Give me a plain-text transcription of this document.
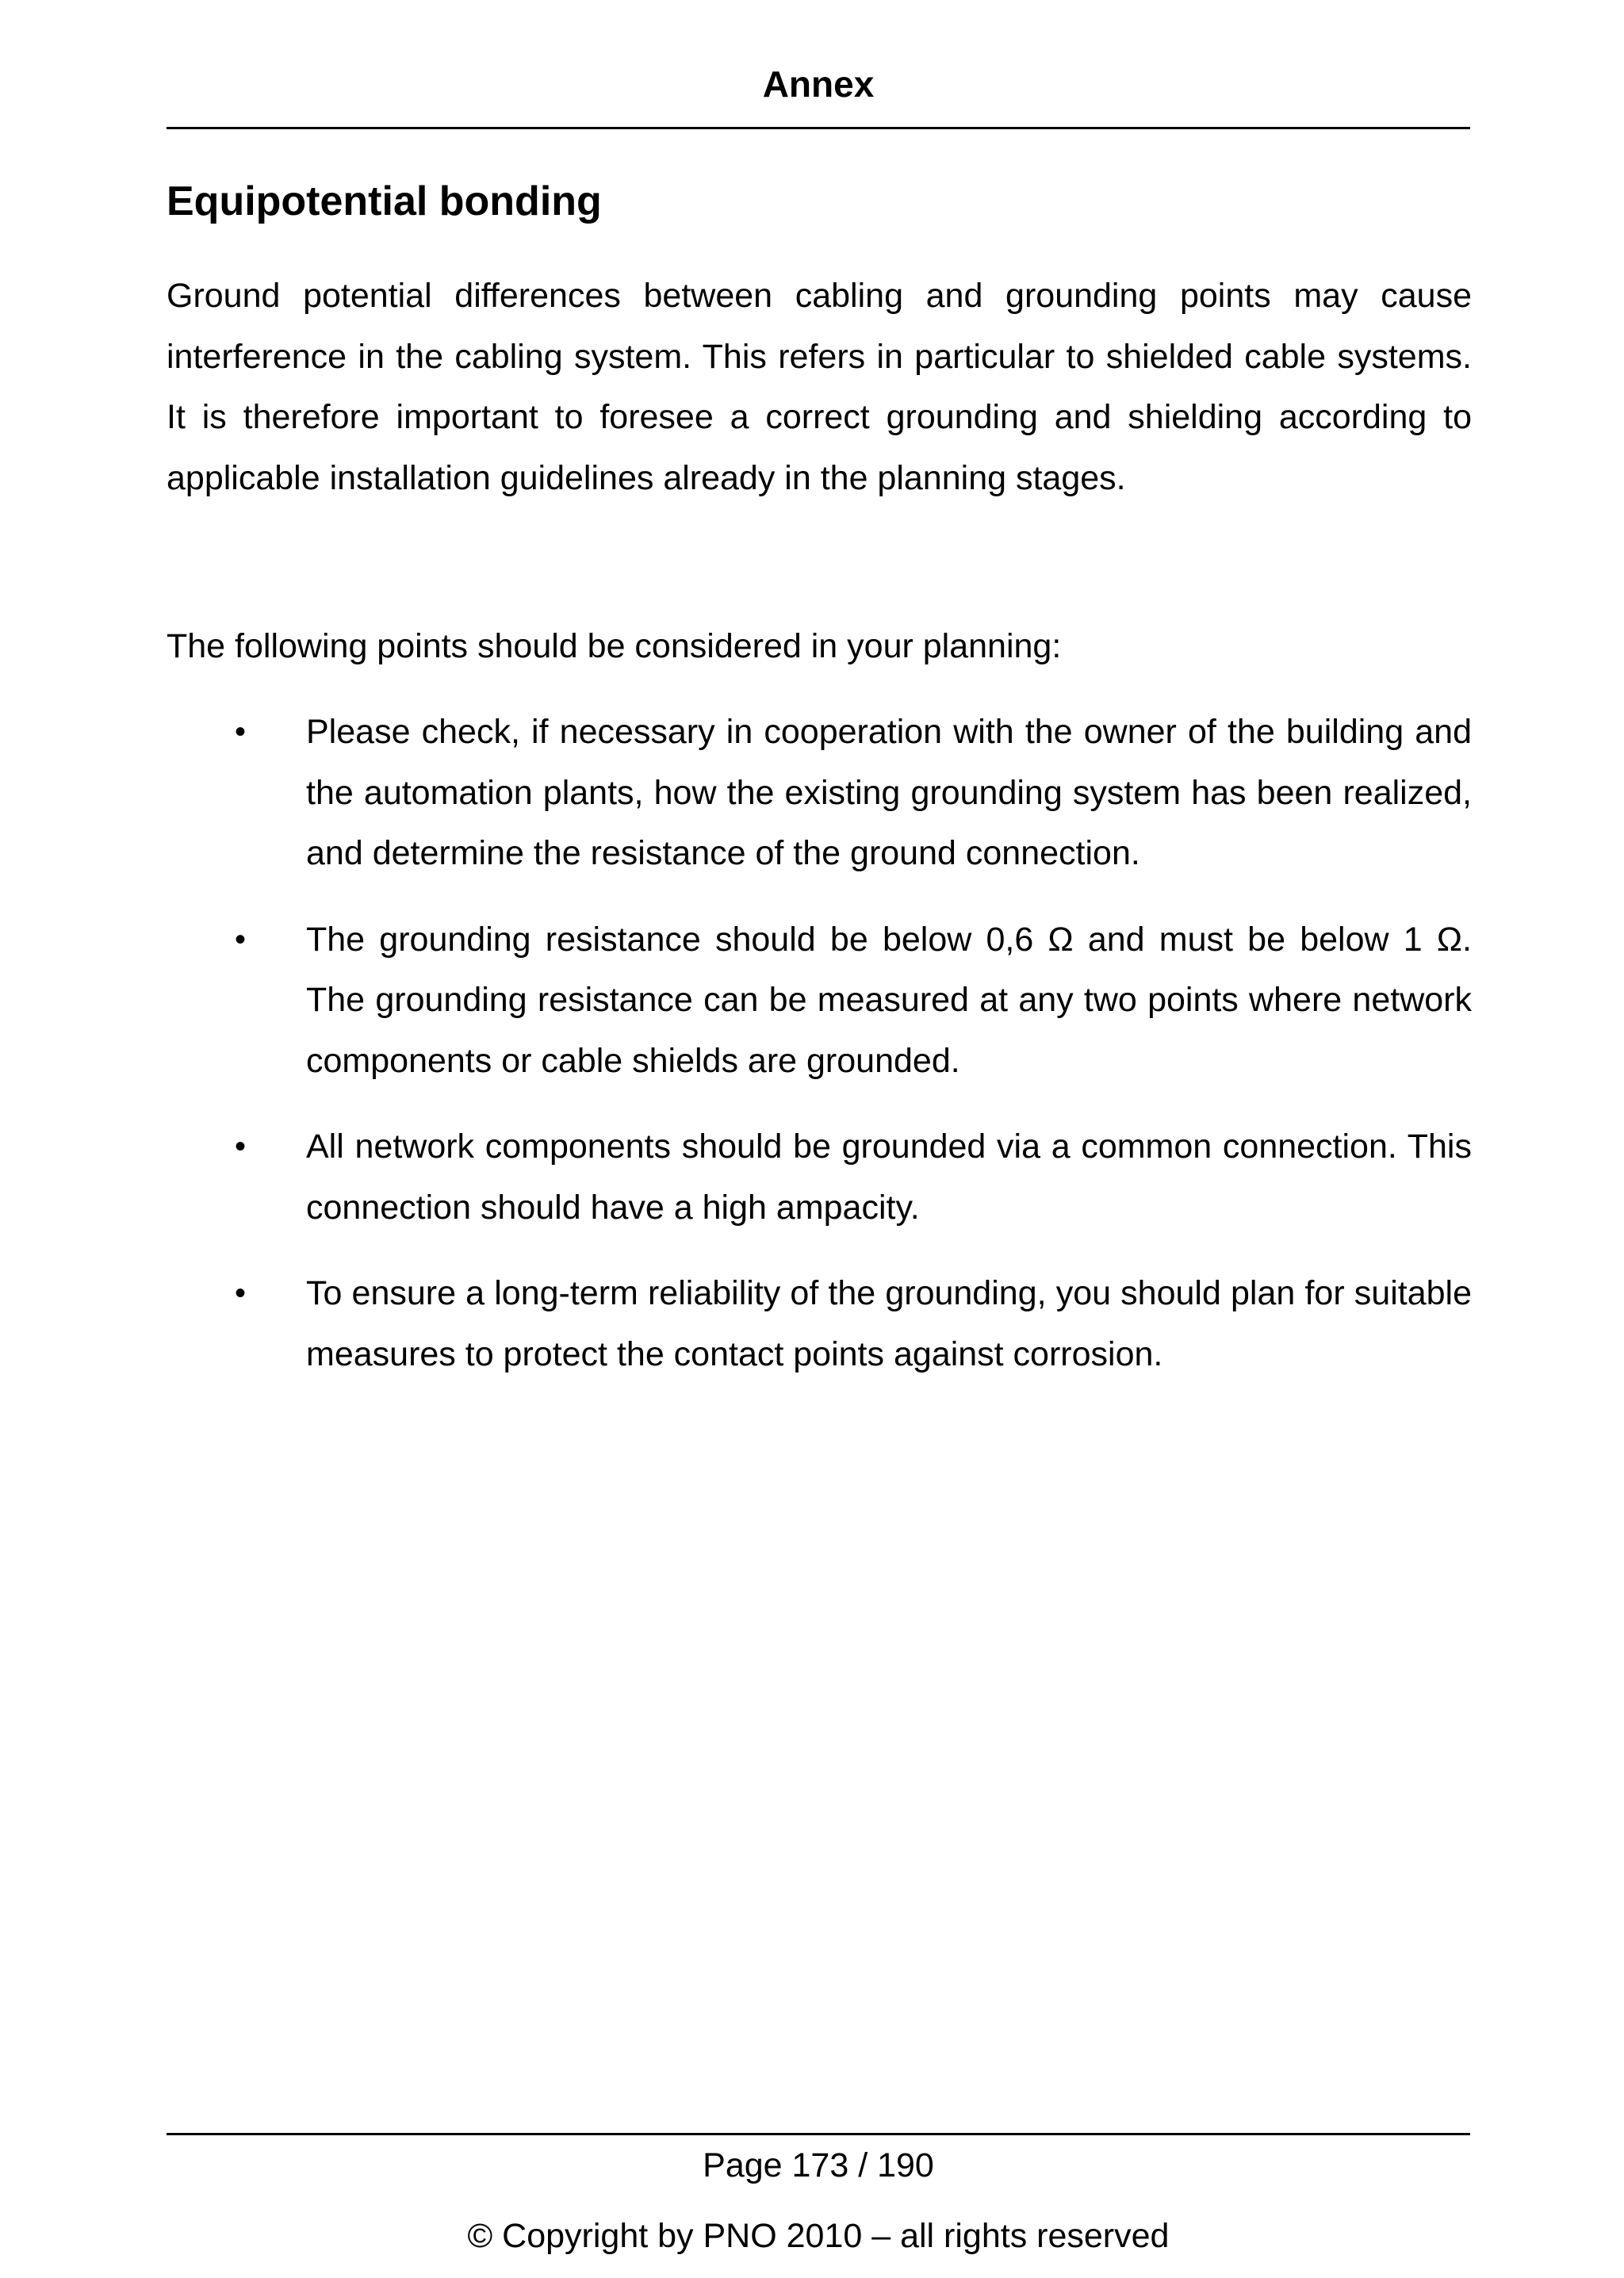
Annex
Equipotential bonding

Ground potential differences between cabling and grounding points may cause interference in the cabling system. This refers in particular to shielded cable systems. It is therefore important to foresee a correct grounding and shielding according to applicable installation guidelines already in the planning stages.

The following points should be considered in your planning:

• Please check, if necessary in cooperation with the owner of the building and the automation plants, how the existing grounding system has been realized, and determine the resistance of the ground connection.

• The grounding resistance should be below 0,6 Ω and must be below 1 Ω. The grounding resistance can be measured at any two points where network components or cable shields are grounded.

• All network components should be grounded via a common connection. This connection should have a high ampacity.

• To ensure a long-term reliability of the grounding, you should plan for suitable measures to protect the contact points against corrosion.

Page 173 / 190
© Copyright by PNO 2010 – all rights reserved
